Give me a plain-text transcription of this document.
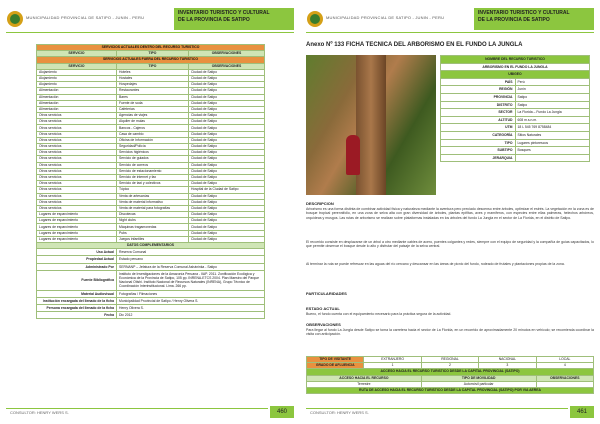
MUNICIPALIDAD PROVINCIAL DE SATIPO - JUNIN - PERU
INVENTARIO TURISTICO Y CULTURAL
DE LA PROVINCIA DE SATIPO
SERVICIOS ACTUALES DENTRO DEL RECURSO TURISTICO		
SERVICIO	TIPO	OBSERVACIONES
SERVICIOS ACTUALES FUERA DEL RECURSO TURISTICO		
SERVICIO	TIPO	OBSERVACIONES
Alojamiento	Hoteles	Ciudad de Satipo
Alojamiento	Hostales	Ciudad de Satipo
Alojamiento	Hospedajes	Ciudad de Satipo
Alimentación	Restaurantes	Ciudad de Satipo
Alimentación	Bares	Ciudad de Satipo
Alimentación	Fuente de soda	Ciudad de Satipo
Alimentación	Cafeterías	Ciudad de Satipo
Otros servicios	Agencias de viajes	Ciudad de Satipo
Otros servicios	Alquiler de mulas	Ciudad de Satipo
Otros servicios	Bancos - Cajeros	Ciudad de Satipo
Otros servicios	Casa de cambio	Ciudad de Satipo
Otros servicios	Oficina de Información	Ciudad de Satipo
Otros servicios	Seguridad/Policía	Ciudad de Satipo
Otros servicios	Servicios higiénicos	Ciudad de Satipo
Otros servicios	Servicio de guiados	Ciudad de Satipo
Otros servicios	Servicio de correos	Ciudad de Satipo
Otros servicios	Servicio de estacionamiento	Ciudad de Satipo
Otros servicios	Servicio de internet y fax	Ciudad de Satipo
Otros servicios	Servicio de taxi y colectivos	Ciudad de Satipo
Otros servicios	Tópico	Hospital de la Ciudad de Satipo
Otros servicios	Venta de artesanías	Ciudad de Satipo
Otros servicios	Venta de material informativo	Ciudad de Satipo
Otros servicios	Venta de material para fotografías	Ciudad de Satipo
Lugares de esparcimiento	Discotecas	Ciudad de Satipo
Lugares de esparcimiento	Night clubs	Ciudad de Satipo
Lugares de esparcimiento	Máquinas tragamonedas	Ciudad de Satipo
Lugares de esparcimiento	Pubs	Ciudad de Satipo
Lugares de esparcimiento	Juegos infantiles	Ciudad de Satipo
DATOS COMPLEMENTARIOS		
Uso Actual	Reserva Comunal	
Propiedad Actual	Estado peruano	
Administrado Por	SERNANP – Jefatura de la Reserva Comunal Asháninka - Satipo	
Fuente Bibliográfica	Instituto de Investigaciones de la Amazonía Peruana - IIAP. 2011. Zonificación Ecológica y Económica de la Provincia de Satipo, 105 pp. INRENA-ETCS 2004. Plan Maestro del Parque Nacional Otishi. Instituto Nacional de Recursos Naturales (INRENA), Grupo Técnico de Coordinación Interinstitucional. Lima. 266 pp.	
Material Audiovisual	Fotografías / Filmaciones	
Institución encargada del llenado de la ficha	Municipalidad Provincial de Satipo / Henry Olivera S.	
Persona encargada del llenado de la ficha	Henry Olivera S.	
Fecha	Dic 2012	
CONSULTOR: HENRY WERS S.	460
MUNICIPALIDAD PROVINCIAL DE SATIPO - JUNIN - PERU
INVENTARIO TURISTICO Y CULTURAL
DE LA PROVINCIA DE SATIPO
CONSULTOR: HENRY WERS S.	461
Anexo Nº 133 FICHA TECNICA DEL ARBORISMO EN EL FUNDO LA JUNGLA
NOMBRE DEL RECURSO TURISTICO	
ARBORISMO EN EL FUNDO LA JUNGLA	
UBIGEO	
PAÍS	Perú
REGIÓN	Junín
PROVINCIA	Satipo
DISTRITO	Satipo
SECTOR	La Florida – Fundo La Jungla
ALTITUD	608 m.s.n.m.
UTM	18 L 545 769 8758484
CATEGORÍA	Sitios Naturales
TIPO	Lugares pintorescos
SUBTIPO	Bosques
JERARQUIA	
DESCRIPCION
Arborismo es una forma distinta de combinar actividad física y naturaleza mediante la aventura pero preciado descenso entre árboles, optimizar el estrés. La vegetación en la zona es de bosque tropical perennifolio, en una zona de selva alta con gran diversidad de árboles, plantas epífitas, aves y mamíferos, con especies entre ellas palmeras, helechos arbóreos, orquídeas y musgos. Las rutas de arborismo se realizan sobre plataformas instaladas en los árboles del fundo La Jungla en el sector de La Florida, en el distrito de Satipo.
El recorrido consiste en desplazarse de un árbol a otro mediante cables de acero, puentes colgantes y redes, siempre con el equipo de seguridad y la compañía de guías capacitados, lo que permite observar el bosque desde lo alto y disfrutar del paisaje de la selva central.
Al terminar la ruta se puede refrescar en las aguas del río cercano y descansar en las áreas de picnic del fundo, rodeado de frutales y plantaciones propias de la zona.
PARTICULARIDADES
ESTADO ACTUAL
Bueno, el fundo cuenta con el equipamiento necesario para la práctica segura de la actividad.
OBSERVACIONES
Para llegar al fundo La Jungla desde Satipo se toma la carretera hacia el sector de La Florida, en un recorrido de aproximadamente 20 minutos en vehículo; se recomienda coordinar la visita con anticipación.
TIPO DE VISITANTE	EXTRANJERO	REGIONAL	NACIONAL	LOCAL
GRADO DE AFLUENCIA	1	2	3	4
ACCESO HACIA EL RECURSO TURISTICO DESDE LA CAPITAL PROVINCIAL (SATIPO)				
ACCESO HACIA EL RECURSO		TIPO DE MOVILIDAD		OBSERVACIONES
Terrestre		Automóvil particular		
RUTA DE ACCESO HACIA EL RECURSO TURISTICO DESDE LA CAPITAL PROVINCIAL (SATIPO) POR VIA AEREA				
